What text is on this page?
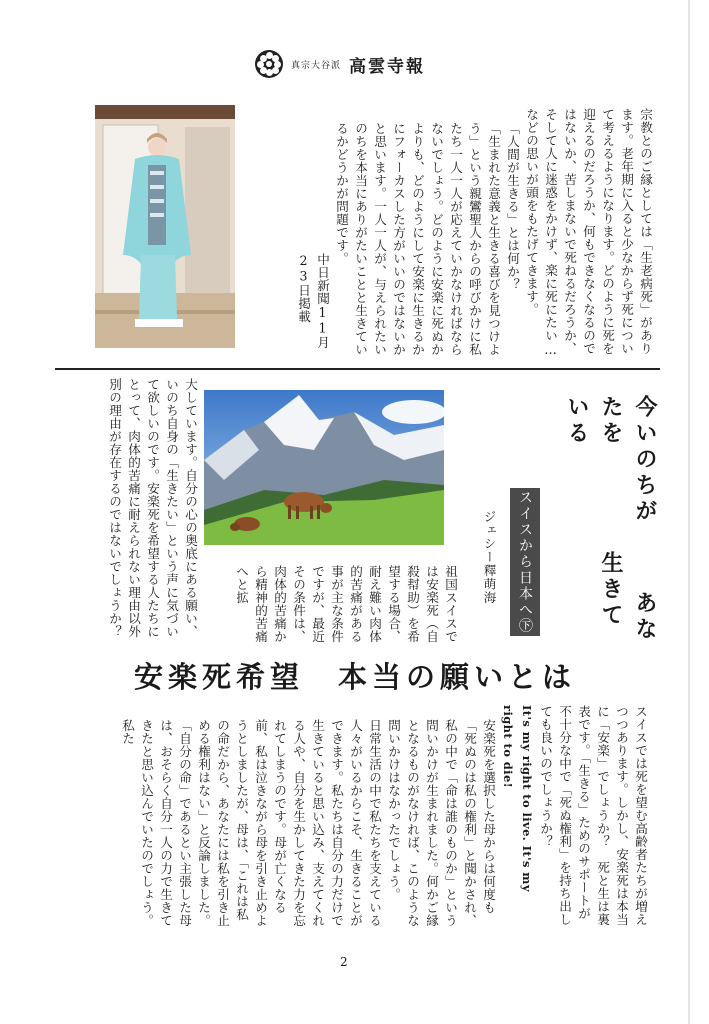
真宗大谷派 高雲寺報

宗教とのご縁としては「生老病死」があります。老年期に入ると少なからず死について考えるようになります。どのように死を迎えるのだろうか、何もできなくなるのではないか、苦しまないで死ねるだろうか、そして人に迷惑をかけず、楽に死にたい…などの思いが頭をもたげてきます。

「人間が生きる」とは何か？

「生まれた意義と生きる喜びを見つけよう」という親鸞聖人からの呼びかけに私たち一人一人が応えていかなければならないでしょう。どのように安楽に死ぬかよりも、どのようにして安楽に生きるかにフォーカスした方がいいのではないかと思います。一人一人が、与えられたいのちを本当にありがたいことと生きているかどうかが問題です。

中日新聞11月23日掲載

今いのちが あなたを 生きている
スイスから日本へ㊦
ジェシー釋萌海
祖国スイスでは安楽死（自殺幇助）を希望する場合、耐え難い肉体的苦痛がある事が主な条件ですが、最近その条件は、肉体的苦痛から精神的苦痛へと拡
大しています。自分の心の奥底にある願い、いのち自身の「生きたい」という声に気づいて欲しいのです。安楽死を希望する人たちにとって、肉体的苦痛に耐えられない理由以外別の理由が存在するのではないでしょうか？
安楽死希望　本当の願いとは

スイスでは死を望む高齢者たちが増えつつあります。しかし、安楽死は本当に「安楽」でしょうか？　死と生は裏表です。「生きる」ためのサポートが不十分な中で「死ぬ権利」を持ち出しても良いのでしょうか？

It's my right to live. It's my right to die!

安楽死を選択した母からは何度も「死ぬのは私の権利」と聞かされ、私の中で「命は誰のものか」という問いかけが生まれました。何かご縁となるものがなければ、このような問いかけはなかったでしょう。

日常生活の中で私たちを支えている人々がいるからこそ、生きることができます。私たちは自分の力だけで生きていると思い込み、支えてくれる人や、自分を生かしてきた力を忘れてしまうのです。母が亡くなる前、私は泣きながら母を引き止めようとしましたが、母は、「これは私の命だから、あなたには私を引き止める権利はない」と反論しました。「自分の命」であるとい主張した母は、おそらく自分一人の力で生きてきたと思い込んでいたのでしょう。私た

2
